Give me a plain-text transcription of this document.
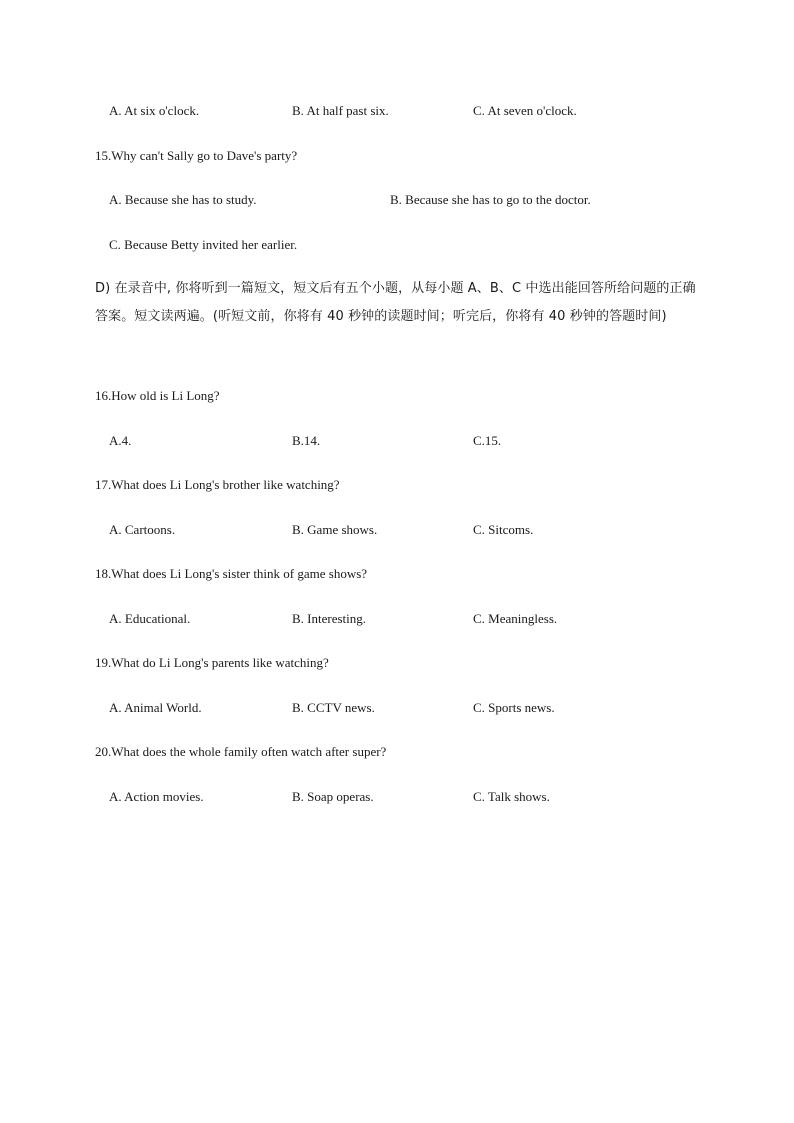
A. At six o'clock.	B. At half past six.	C. At seven o'clock.
15.Why can't Sally go to Dave's party?
A. Because she has to study.	B. Because she has to go to the doctor.
C. Because Betty invited her earlier.
D) 在录音中, 你将听到一篇短文，短文后有五个小题，从每小题 A、B、C 中选出能回答所给问题的正确答案。短文读两遍。(听短文前，你将有 40 秒钟的读题时间；听完后，你将有 40 秒钟的答题时间)
16.How old is Li Long?
A.4.	B.14.	C.15.
17.What does Li Long's brother like watching?
A. Cartoons.	B. Game shows.	C. Sitcoms.
18.What does Li Long's sister think of game shows?
A. Educational.	B. Interesting.	C. Meaningless.
19.What do Li Long's parents like watching?
A. Animal World.	B. CCTV news.	C. Sports news.
20.What does the whole family often watch after super?
A. Action movies.	B. Soap operas.	C. Talk shows.
